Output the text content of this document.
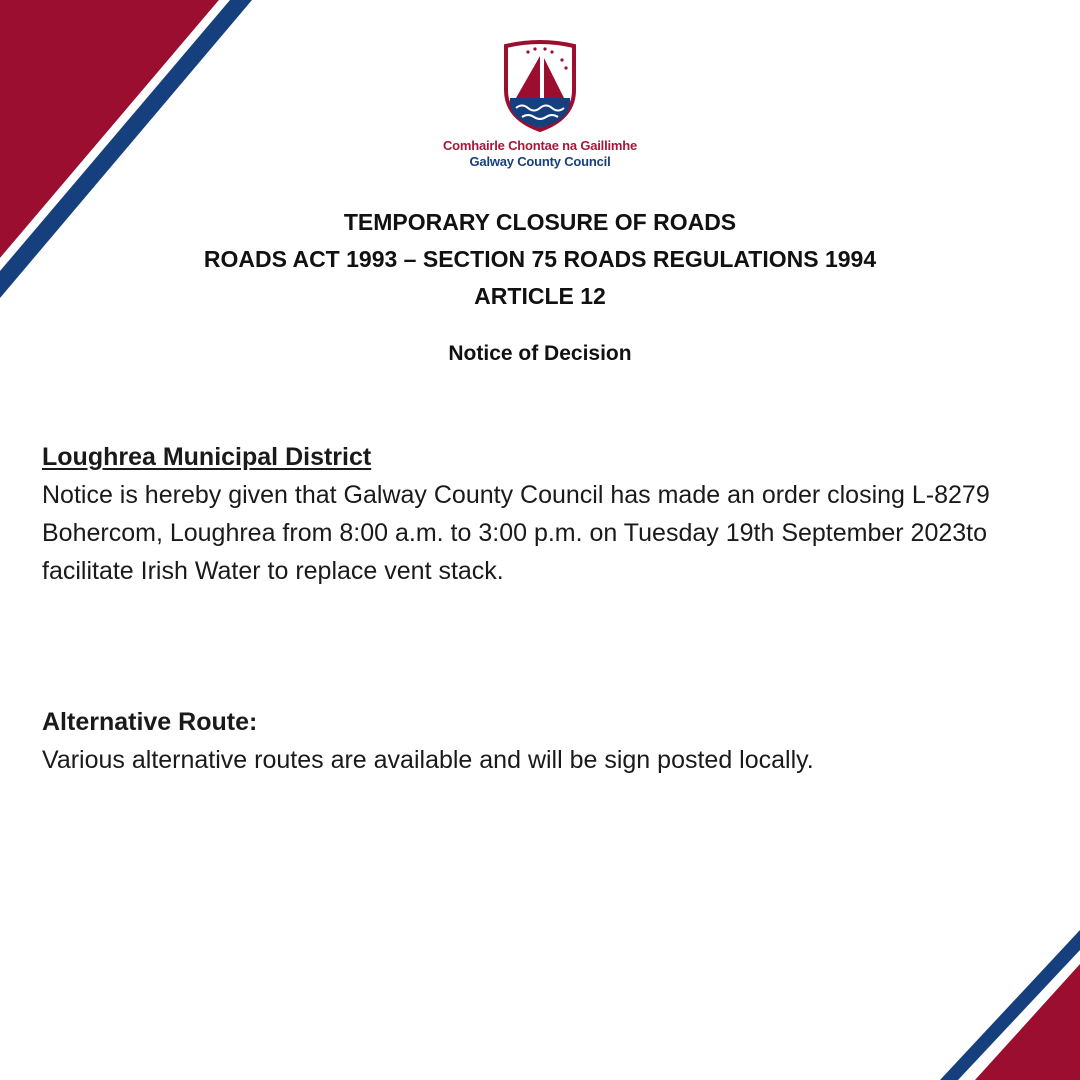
Comhairle Chontae na Gaillimhe
Galway County Council
TEMPORARY CLOSURE OF ROADS
ROADS ACT 1993 – SECTION 75 ROADS REGULATIONS 1994
ARTICLE 12
Notice of Decision
Loughrea Municipal District
Notice is hereby given that Galway County Council has made an order closing L-8279 Bohercom, Loughrea from 8:00 a.m. to 3:00 p.m. on Tuesday 19th September 2023to facilitate Irish Water to replace vent stack.
Alternative Route:
Various alternative routes are available and will be sign posted locally.
